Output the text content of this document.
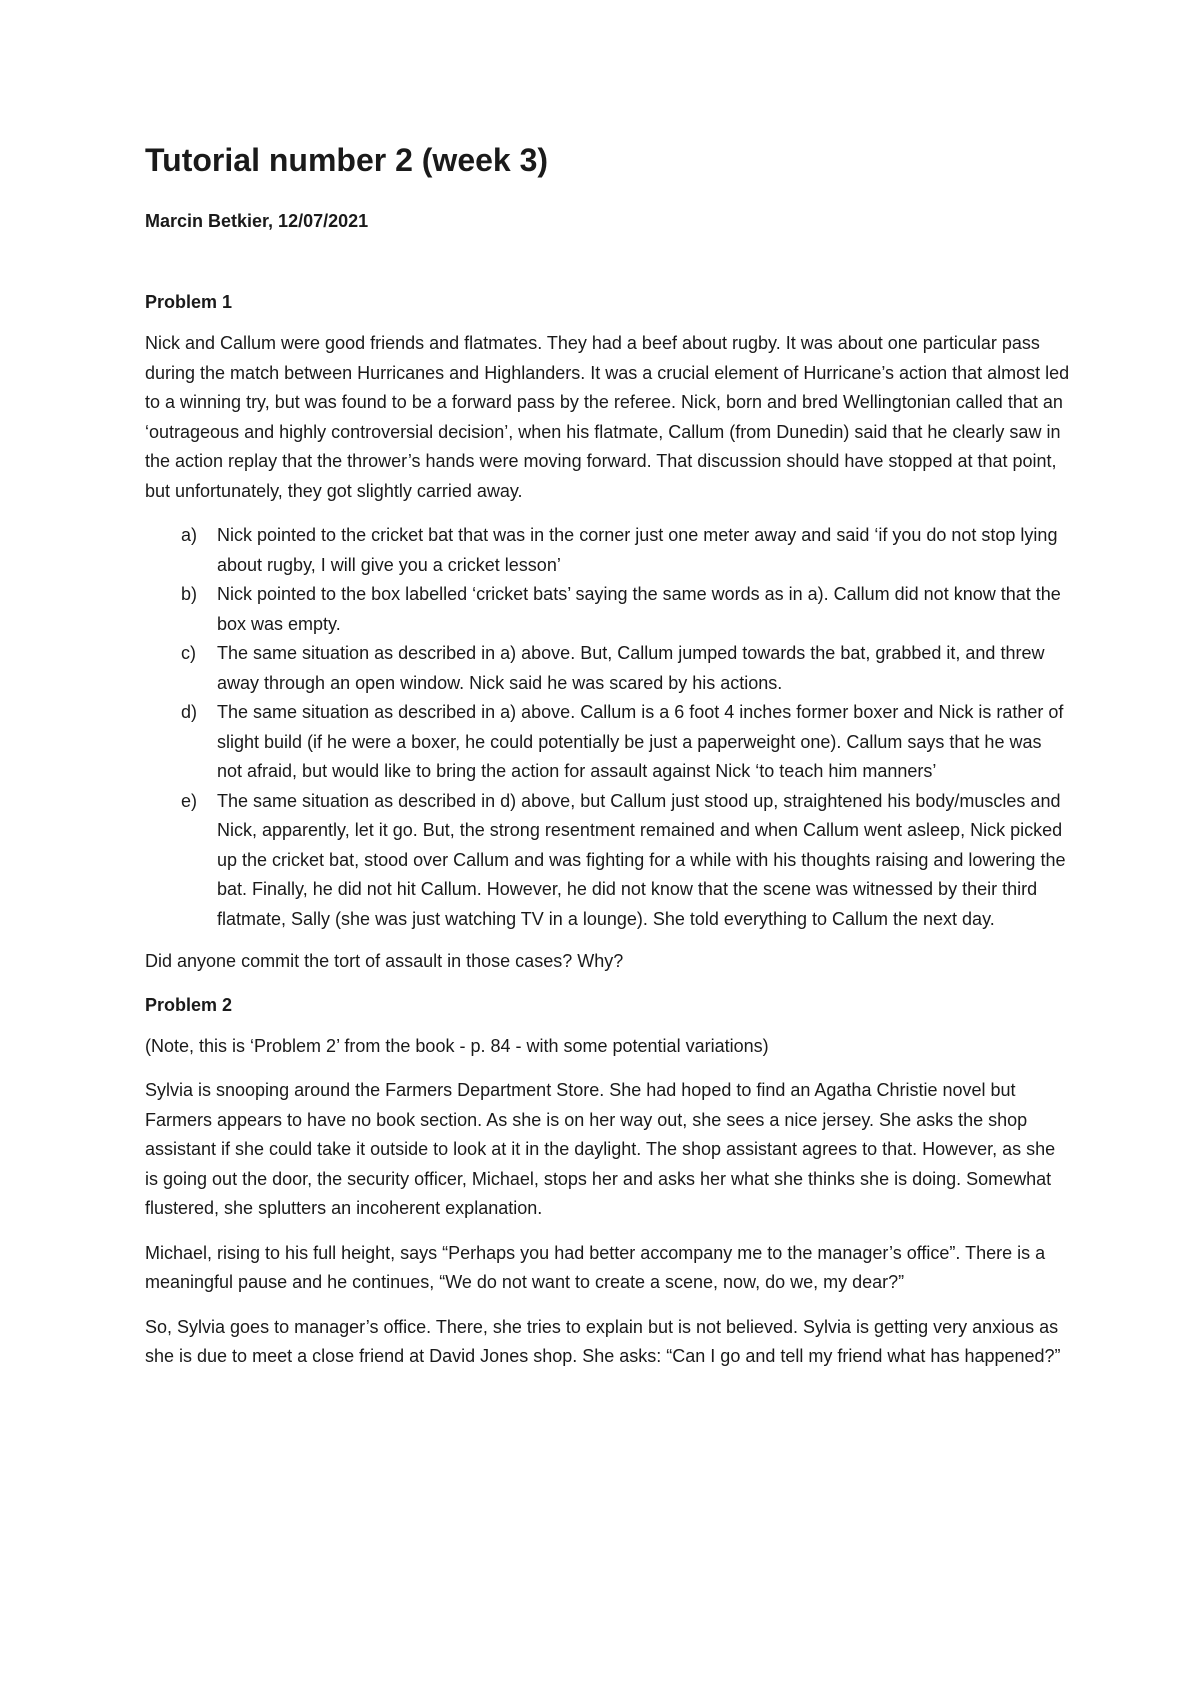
Tutorial number 2 (week 3)
Marcin Betkier, 12/07/2021
Problem 1

Nick and Callum were good friends and flatmates. They had a beef about rugby. It was about one particular pass during the match between Hurricanes and Highlanders. It was a crucial element of Hurricane’s action that almost led to a winning try, but was found to be a forward pass by the referee. Nick, born and bred Wellingtonian called that an ‘outrageous and highly controversial decision’, when his flatmate, Callum (from Dunedin) said that he clearly saw in the action replay that the thrower’s hands were moving forward. That discussion should have stopped at that point, but unfortunately, they got slightly carried away.

a) Nick pointed to the cricket bat that was in the corner just one meter away and said ‘if you do not stop lying about rugby, I will give you a cricket lesson’
b) Nick pointed to the box labelled ‘cricket bats’ saying the same words as in a). Callum did not know that the box was empty.
c) The same situation as described in a) above. But, Callum jumped towards the bat, grabbed it, and threw away through an open window. Nick said he was scared by his actions.
d) The same situation as described in a) above. Callum is a 6 foot 4 inches former boxer and Nick is rather of slight build (if he were a boxer, he could potentially be just a paperweight one). Callum says that he was not afraid, but would like to bring the action for assault against Nick ‘to teach him manners’
e) The same situation as described in d) above, but Callum just stood up, straightened his body/muscles and Nick, apparently, let it go. But, the strong resentment remained and when Callum went asleep, Nick picked up the cricket bat, stood over Callum and was fighting for a while with his thoughts raising and lowering the bat. Finally, he did not hit Callum. However, he did not know that the scene was witnessed by their third flatmate, Sally (she was just watching TV in a lounge). She told everything to Callum the next day.

Did anyone commit the tort of assault in those cases? Why?

Problem 2

(Note, this is ‘Problem 2’ from the book - p. 84 - with some potential variations)

Sylvia is snooping around the Farmers Department Store. She had hoped to find an Agatha Christie novel but Farmers appears to have no book section. As she is on her way out, she sees a nice jersey. She asks the shop assistant if she could take it outside to look at it in the daylight. The shop assistant agrees to that. However, as she is going out the door, the security officer, Michael, stops her and asks her what she thinks she is doing. Somewhat flustered, she splutters an incoherent explanation.

Michael, rising to his full height, says “Perhaps you had better accompany me to the manager’s office”. There is a meaningful pause and he continues, “We do not want to create a scene, now, do we, my dear?”

So, Sylvia goes to manager’s office. There, she tries to explain but is not believed. Sylvia is getting very anxious as she is due to meet a close friend at David Jones shop. She asks: “Can I go and tell my friend what has happened?”
